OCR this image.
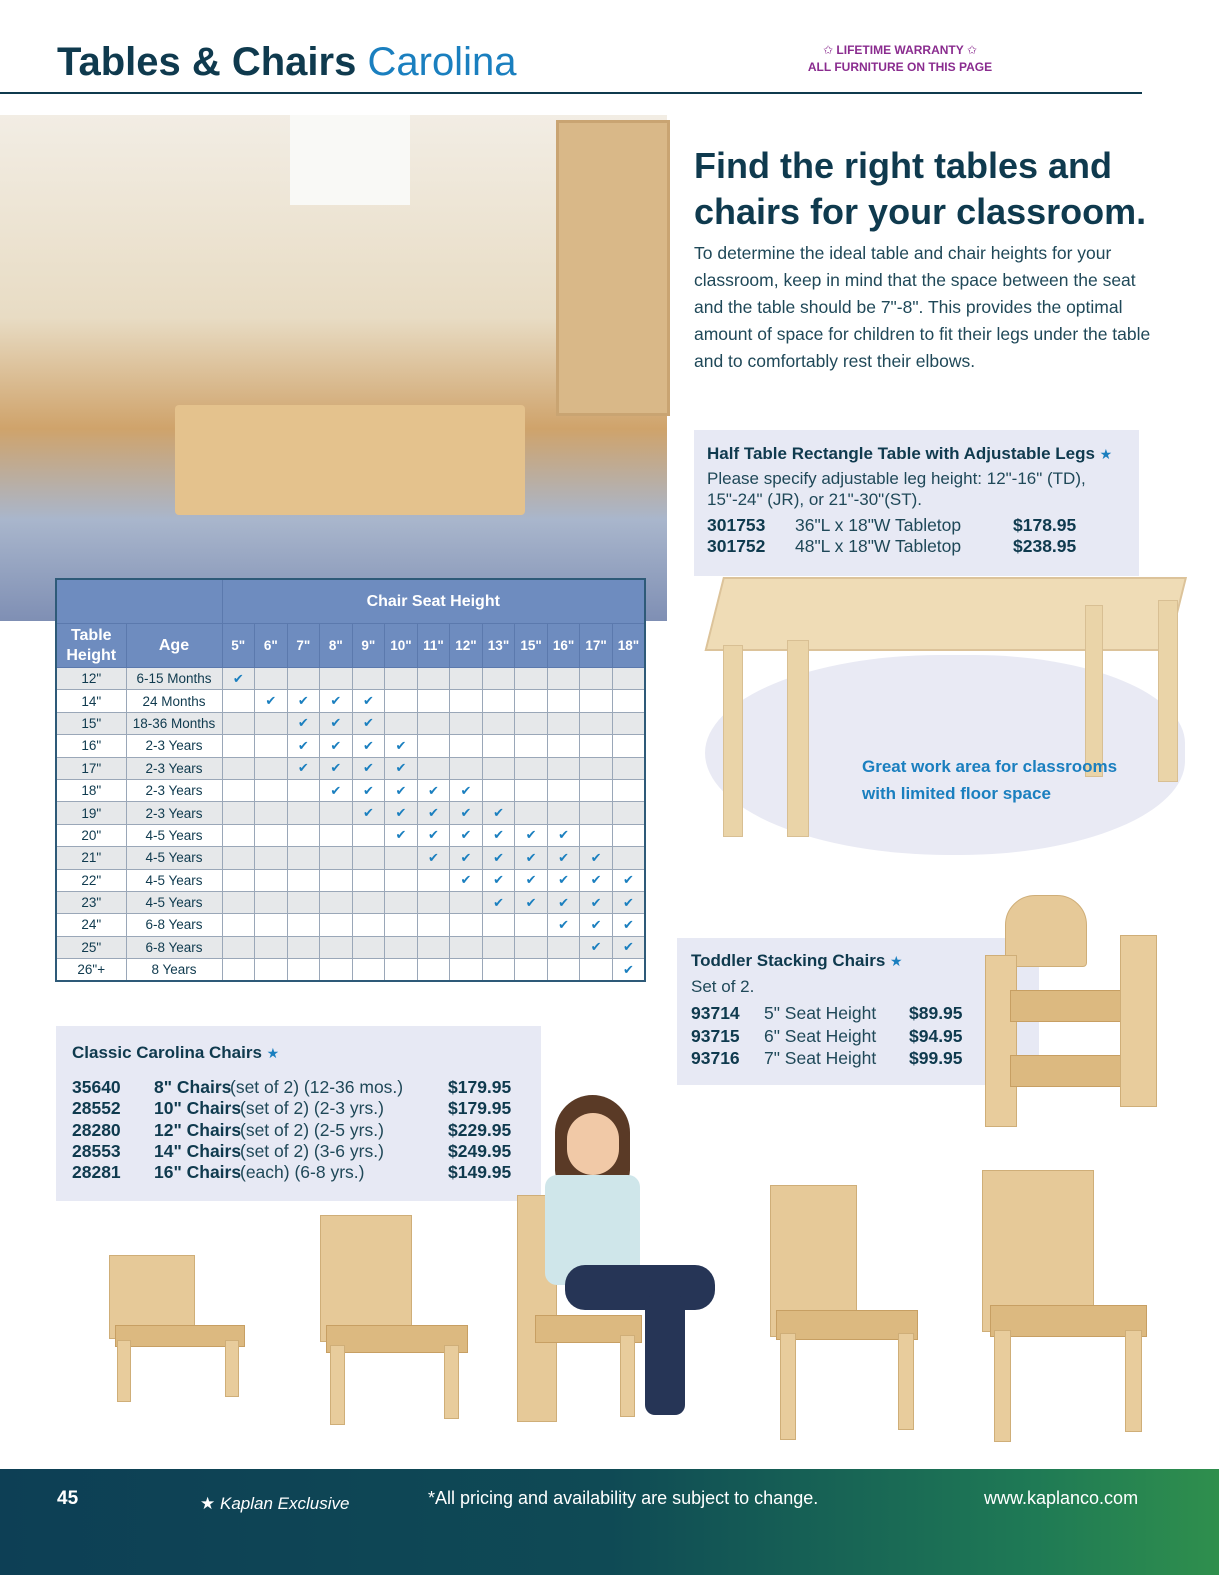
Tables & Chairs Carolina	✩ LIFETIME WARRANTY ✩
ALL FURNITURE ON THIS PAGE
Find the right tables and chairs for your classroom.
To determine the ideal table and chair heights for your classroom, keep in mind that the space between the seat and the table should be 7"-8". This provides the optimal amount of space for children to fit their legs under the table and to comfortably rest their elbows.
Half Table Rectangle Table with Adjustable Legs ★
Please specify adjustable leg height: 12"-16" (TD), 15"-24" (JR), or 21"-30"(ST).
301753 36"L x 18"W Tabletop	$178.95
301752 48"L x 18"W Tabletop	$238.95
Great work area for classrooms
with limited floor space
		Chair Seat Height												
Table Height	Age	5"	6"	7"	8"	9"	10"	11"	12"	13"	15"	16"	17"	18"
12"	6-15 Months	✔												
14"	24 Months		✔	✔	✔	✔								
15"	18-36 Months			✔	✔	✔								
16"	2-3 Years			✔	✔	✔	✔							
17"	2-3 Years			✔	✔	✔	✔							
18"	2-3 Years				✔	✔	✔	✔	✔					
19"	2-3 Years					✔	✔	✔	✔	✔				
20"	4-5 Years						✔	✔	✔	✔	✔	✔		
21"	4-5 Years							✔	✔	✔	✔	✔	✔	
22"	4-5 Years								✔	✔	✔	✔	✔	✔
23"	4-5 Years									✔	✔	✔	✔	✔
24"	6-8 Years											✔	✔	✔
25"	6-8 Years												✔	✔
26"+	8 Years													✔
Classic Carolina Chairs ★
35640 8" Chairs
(set of 2) (12-36 mos.)	$179.95
28552 10" Chairs
(set of 2) (2-3 yrs.)	$179.95
28280 12" Chairs
(set of 2) (2-5 yrs.)	$229.95
28553 14" Chairs
(set of 2) (3-6 yrs.)	$249.95
28281 16" Chairs
(each) (6-8 yrs.)	$149.95
Toddler Stacking Chairs ★
Set of 2.
93714 5" Seat Height $89.95
93715 6" Seat Height $94.95
93716 7" Seat Height $99.95
45	★ Kaplan Exclusive	*All pricing and availability are subject to change.	www.kaplanco.com
